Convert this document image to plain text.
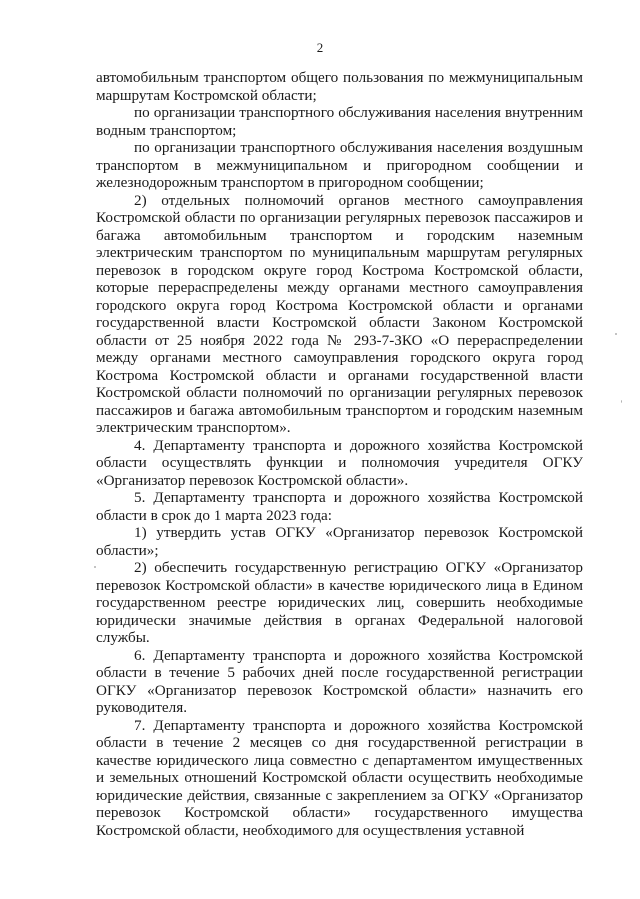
2

автомобильным транспортом общего пользования по межмуниципальным маршрутам Костромской области;

по организации транспортного обслуживания населения внутренним водным транспортом;

по организации транспортного обслуживания населения воздушным транспортом в межмуниципальном и пригородном сообщении и железнодорожным транспортом в пригородном сообщении;

2) отдельных полномочий органов местного самоуправления Костромской области по организации регулярных перевозок пассажиров и багажа автомобильным транспортом и городским наземным электрическим транспортом по муниципальным маршрутам регулярных перевозок в городском округе город Кострома Костромской области, которые перераспределены между органами местного самоуправления городского округа город Кострома Костромской области и органами государственной власти Костромской области Законом Костромской области от 25 ноября 2022 года № 293-7-ЗКО «О перераспределении между органами местного самоуправления городского округа город Кострома Костромской области и органами государственной власти Костромской области полномочий по организации регулярных перевозок пассажиров и багажа автомобильным транспортом и городским наземным электрическим транспортом».

4. Департаменту транспорта и дорожного хозяйства Костромской области осуществлять функции и полномочия учредителя ОГКУ «Организатор перевозок Костромской области».

5. Департаменту транспорта и дорожного хозяйства Костромской области в срок до 1 марта 2023 года:

1) утвердить устав ОГКУ «Организатор перевозок Костромской области»;

2) обеспечить государственную регистрацию ОГКУ «Организатор перевозок Костромской области» в качестве юридического лица в Едином государственном реестре юридических лиц, совершить необходимые юридически значимые действия в органах Федеральной налоговой службы.

6. Департаменту транспорта и дорожного хозяйства Костромской области в течение 5 рабочих дней после государственной регистрации ОГКУ «Организатор перевозок Костромской области» назначить его руководителя.

7. Департаменту транспорта и дорожного хозяйства Костромской области в течение 2 месяцев со дня государственной регистрации в качестве юридического лица совместно с департаментом имущественных и земельных отношений Костромской области осуществить необходимые юридические действия, связанные с закреплением за ОГКУ «Организатор перевозок Костромской области» государственного имущества Костромской области, необходимого для осуществления уставной
